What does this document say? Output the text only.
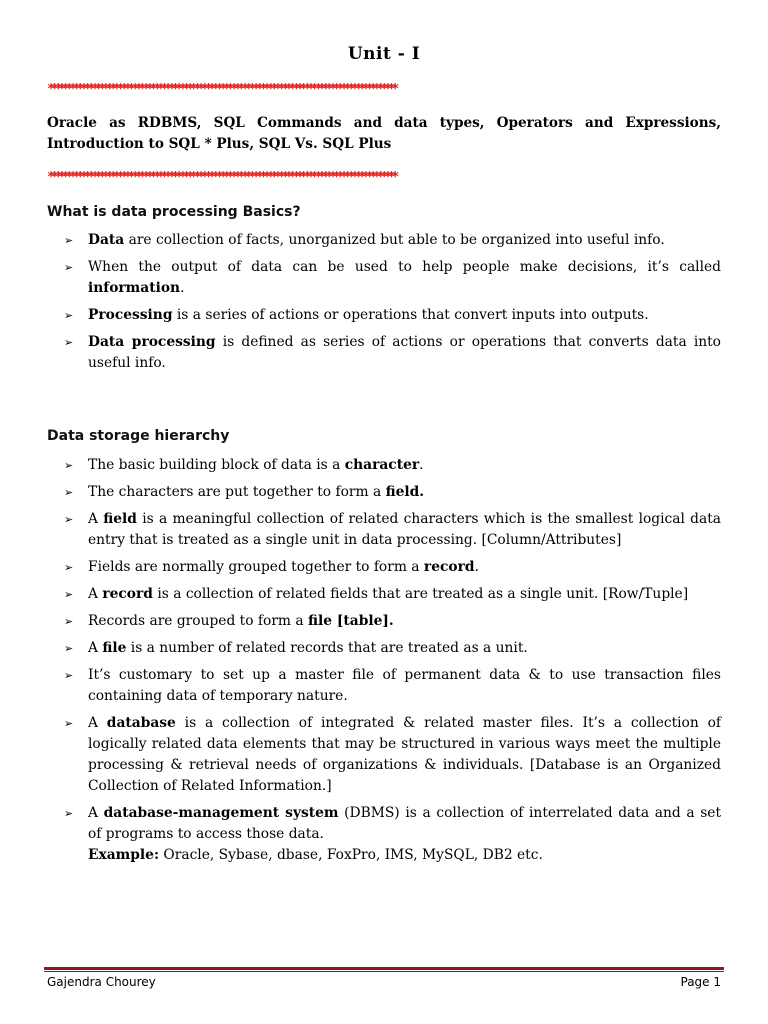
Unit - I
***********************************************************************************************
Oracle as RDBMS, SQL Commands and data types, Operators and Expressions, Introduction to SQL * Plus, SQL Vs. SQL Plus
***********************************************************************************************
What is data processing Basics?
➢ Data are collection of facts, unorganized but able to be organized into useful info.
➢ When the output of data can be used to help people make decisions, it’s called information.
➢ Processing is a series of actions or operations that convert inputs into outputs.
➢ Data processing is defined as series of actions or operations that converts data into useful info.
Data storage hierarchy
➢ The basic building block of data is a character.
➢ The characters are put together to form a field.
➢ A field is a meaningful collection of related characters which is the smallest logical data entry that is treated as a single unit in data processing. [Column/Attributes]
➢ Fields are normally grouped together to form a record.
➢ A record is a collection of related fields that are treated as a single unit. [Row/Tuple]
➢ Records are grouped to form a file [table].
➢ A file is a number of related records that are treated as a unit.
➢ It’s customary to set up a master file of permanent data & to use transaction files containing data of temporary nature.
➢ A database is a collection of integrated & related master files. It’s a collection of logically related data elements that may be structured in various ways meet the multiple processing & retrieval needs of organizations & individuals. [Database is an Organized Collection of Related Information.]
➢ A database-management system (DBMS) is a collection of interrelated data and a set of programs to access those data.
Example: Oracle, Sybase, dbase, FoxPro, IMS, MySQL, DB2 etc.
Gajendra Chourey	Page 1
